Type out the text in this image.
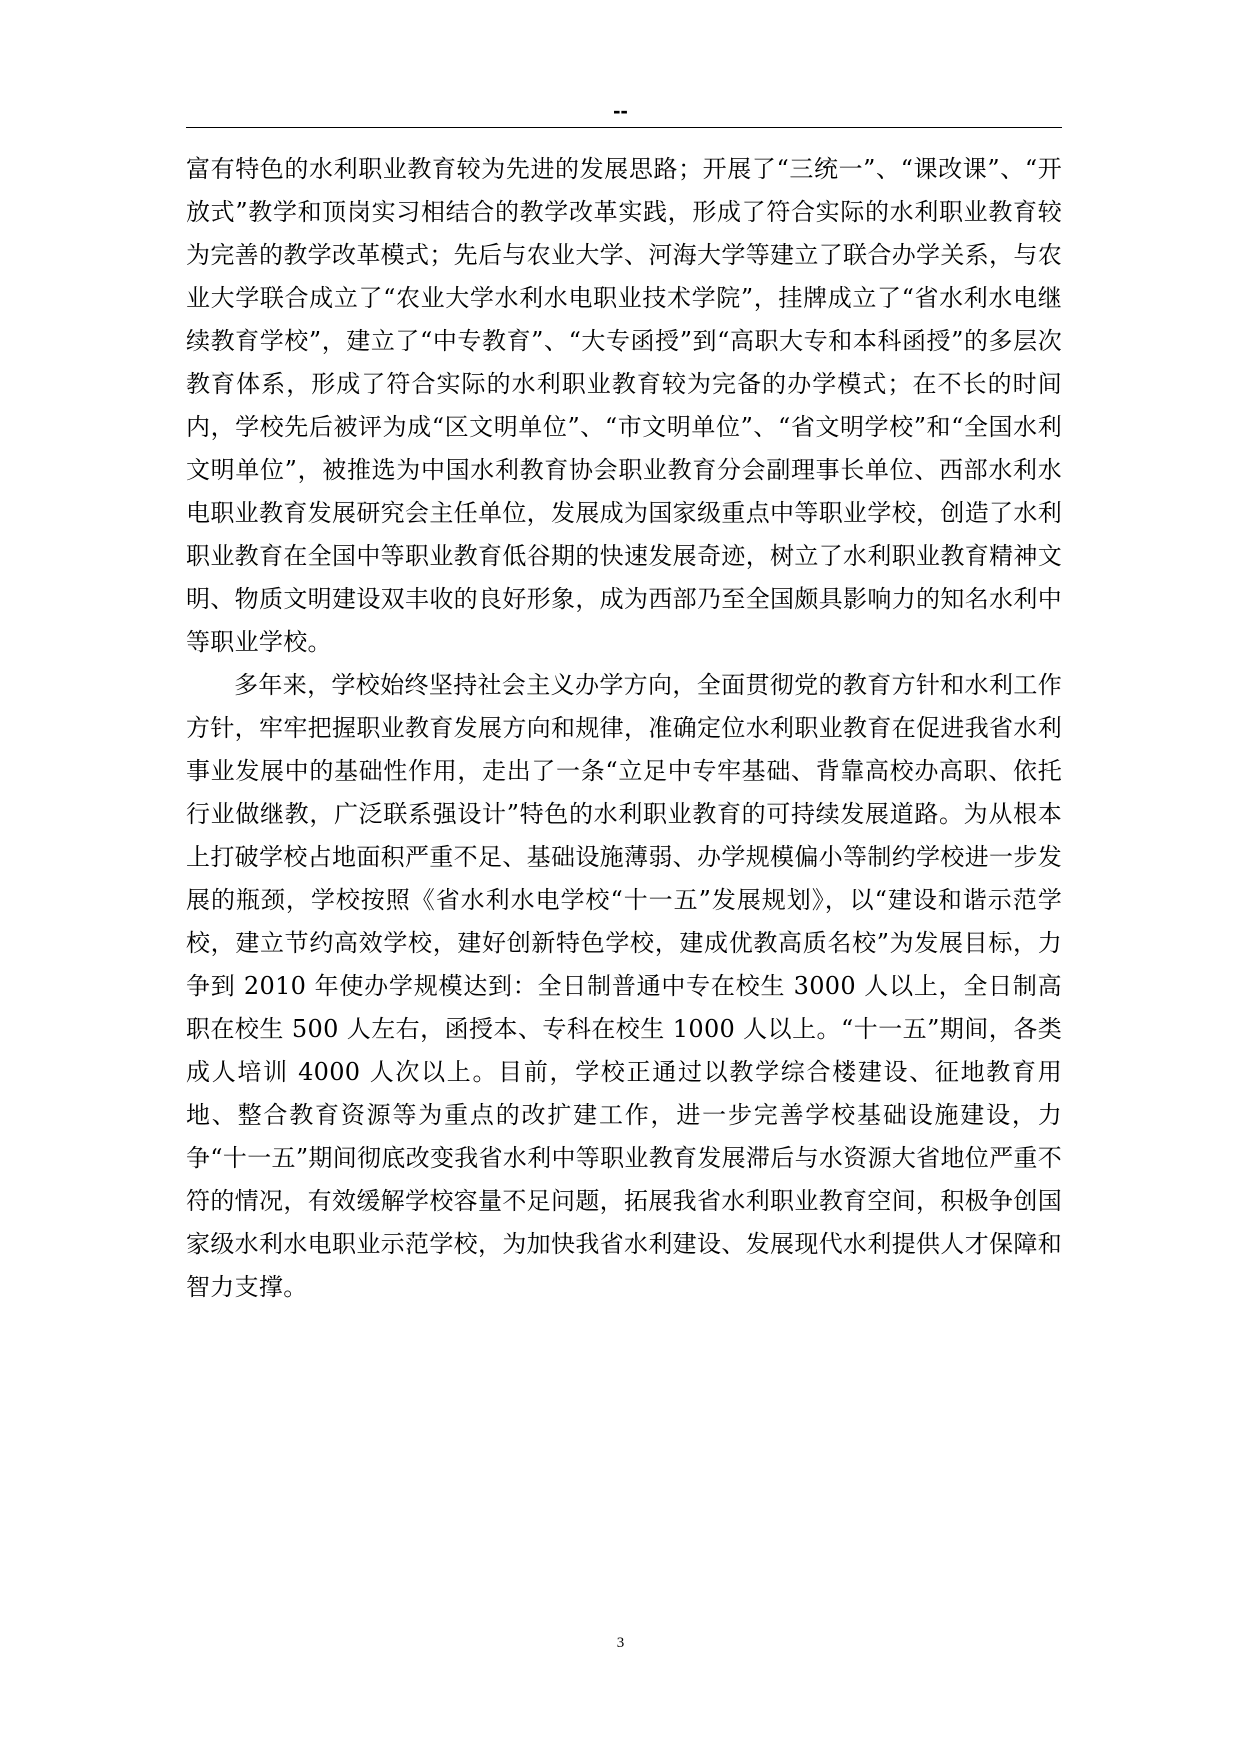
--

富有特色的水利职业教育较为先进的发展思路；开展了“三统一”、“课改课”、“开放式”教学和顶岗实习相结合的教学改革实践，形成了符合实际的水利职业教育较为完善的教学改革模式；先后与农业大学、河海大学等建立了联合办学关系，与农业大学联合成立了“农业大学水利水电职业技术学院”，挂牌成立了“省水利水电继续教育学校”，建立了“中专教育”、“大专函授”到“高职大专和本科函授”的多层次教育体系，形成了符合实际的水利职业教育较为完备的办学模式；在不长的时间内，学校先后被评为成“区文明单位”、“市文明单位”、“省文明学校”和“全国水利文明单位”，被推选为中国水利教育协会职业教育分会副理事长单位、西部水利水电职业教育发展研究会主任单位，发展成为国家级重点中等职业学校，创造了水利职业教育在全国中等职业教育低谷期的快速发展奇迹，树立了水利职业教育精神文明、物质文明建设双丰收的良好形象，成为西部乃至全国颇具影响力的知名水利中等职业学校。

多年来，学校始终坚持社会主义办学方向，全面贯彻党的教育方针和水利工作方针，牢牢把握职业教育发展方向和规律，准确定位水利职业教育在促进我省水利事业发展中的基础性作用，走出了一条“立足中专牢基础、背靠高校办高职、依托行业做继教，广泛联系强设计”特色的水利职业教育的可持续发展道路。为从根本上打破学校占地面积严重不足、基础设施薄弱、办学规模偏小等制约学校进一步发展的瓶颈，学校按照《省水利水电学校“十一五”发展规划》，以“建设和谐示范学校，建立节约高效学校，建好创新特色学校，建成优教高质名校”为发展目标，力争到 2010 年使办学规模达到：全日制普通中专在校生 3000 人以上，全日制高职在校生 500 人左右，函授本、专科在校生 1000 人以上。“十一五”期间，各类成人培训 4000 人次以上。目前，学校正通过以教学综合楼建设、征地教育用地、整合教育资源等为重点的改扩建工作，进一步完善学校基础设施建设，力争“十一五”期间彻底改变我省水利中等职业教育发展滞后与水资源大省地位严重不符的情况，有效缓解学校容量不足问题，拓展我省水利职业教育空间，积极争创国家级水利水电职业示范学校，为加快我省水利建设、发展现代水利提供人才保障和智力支撑。

3
